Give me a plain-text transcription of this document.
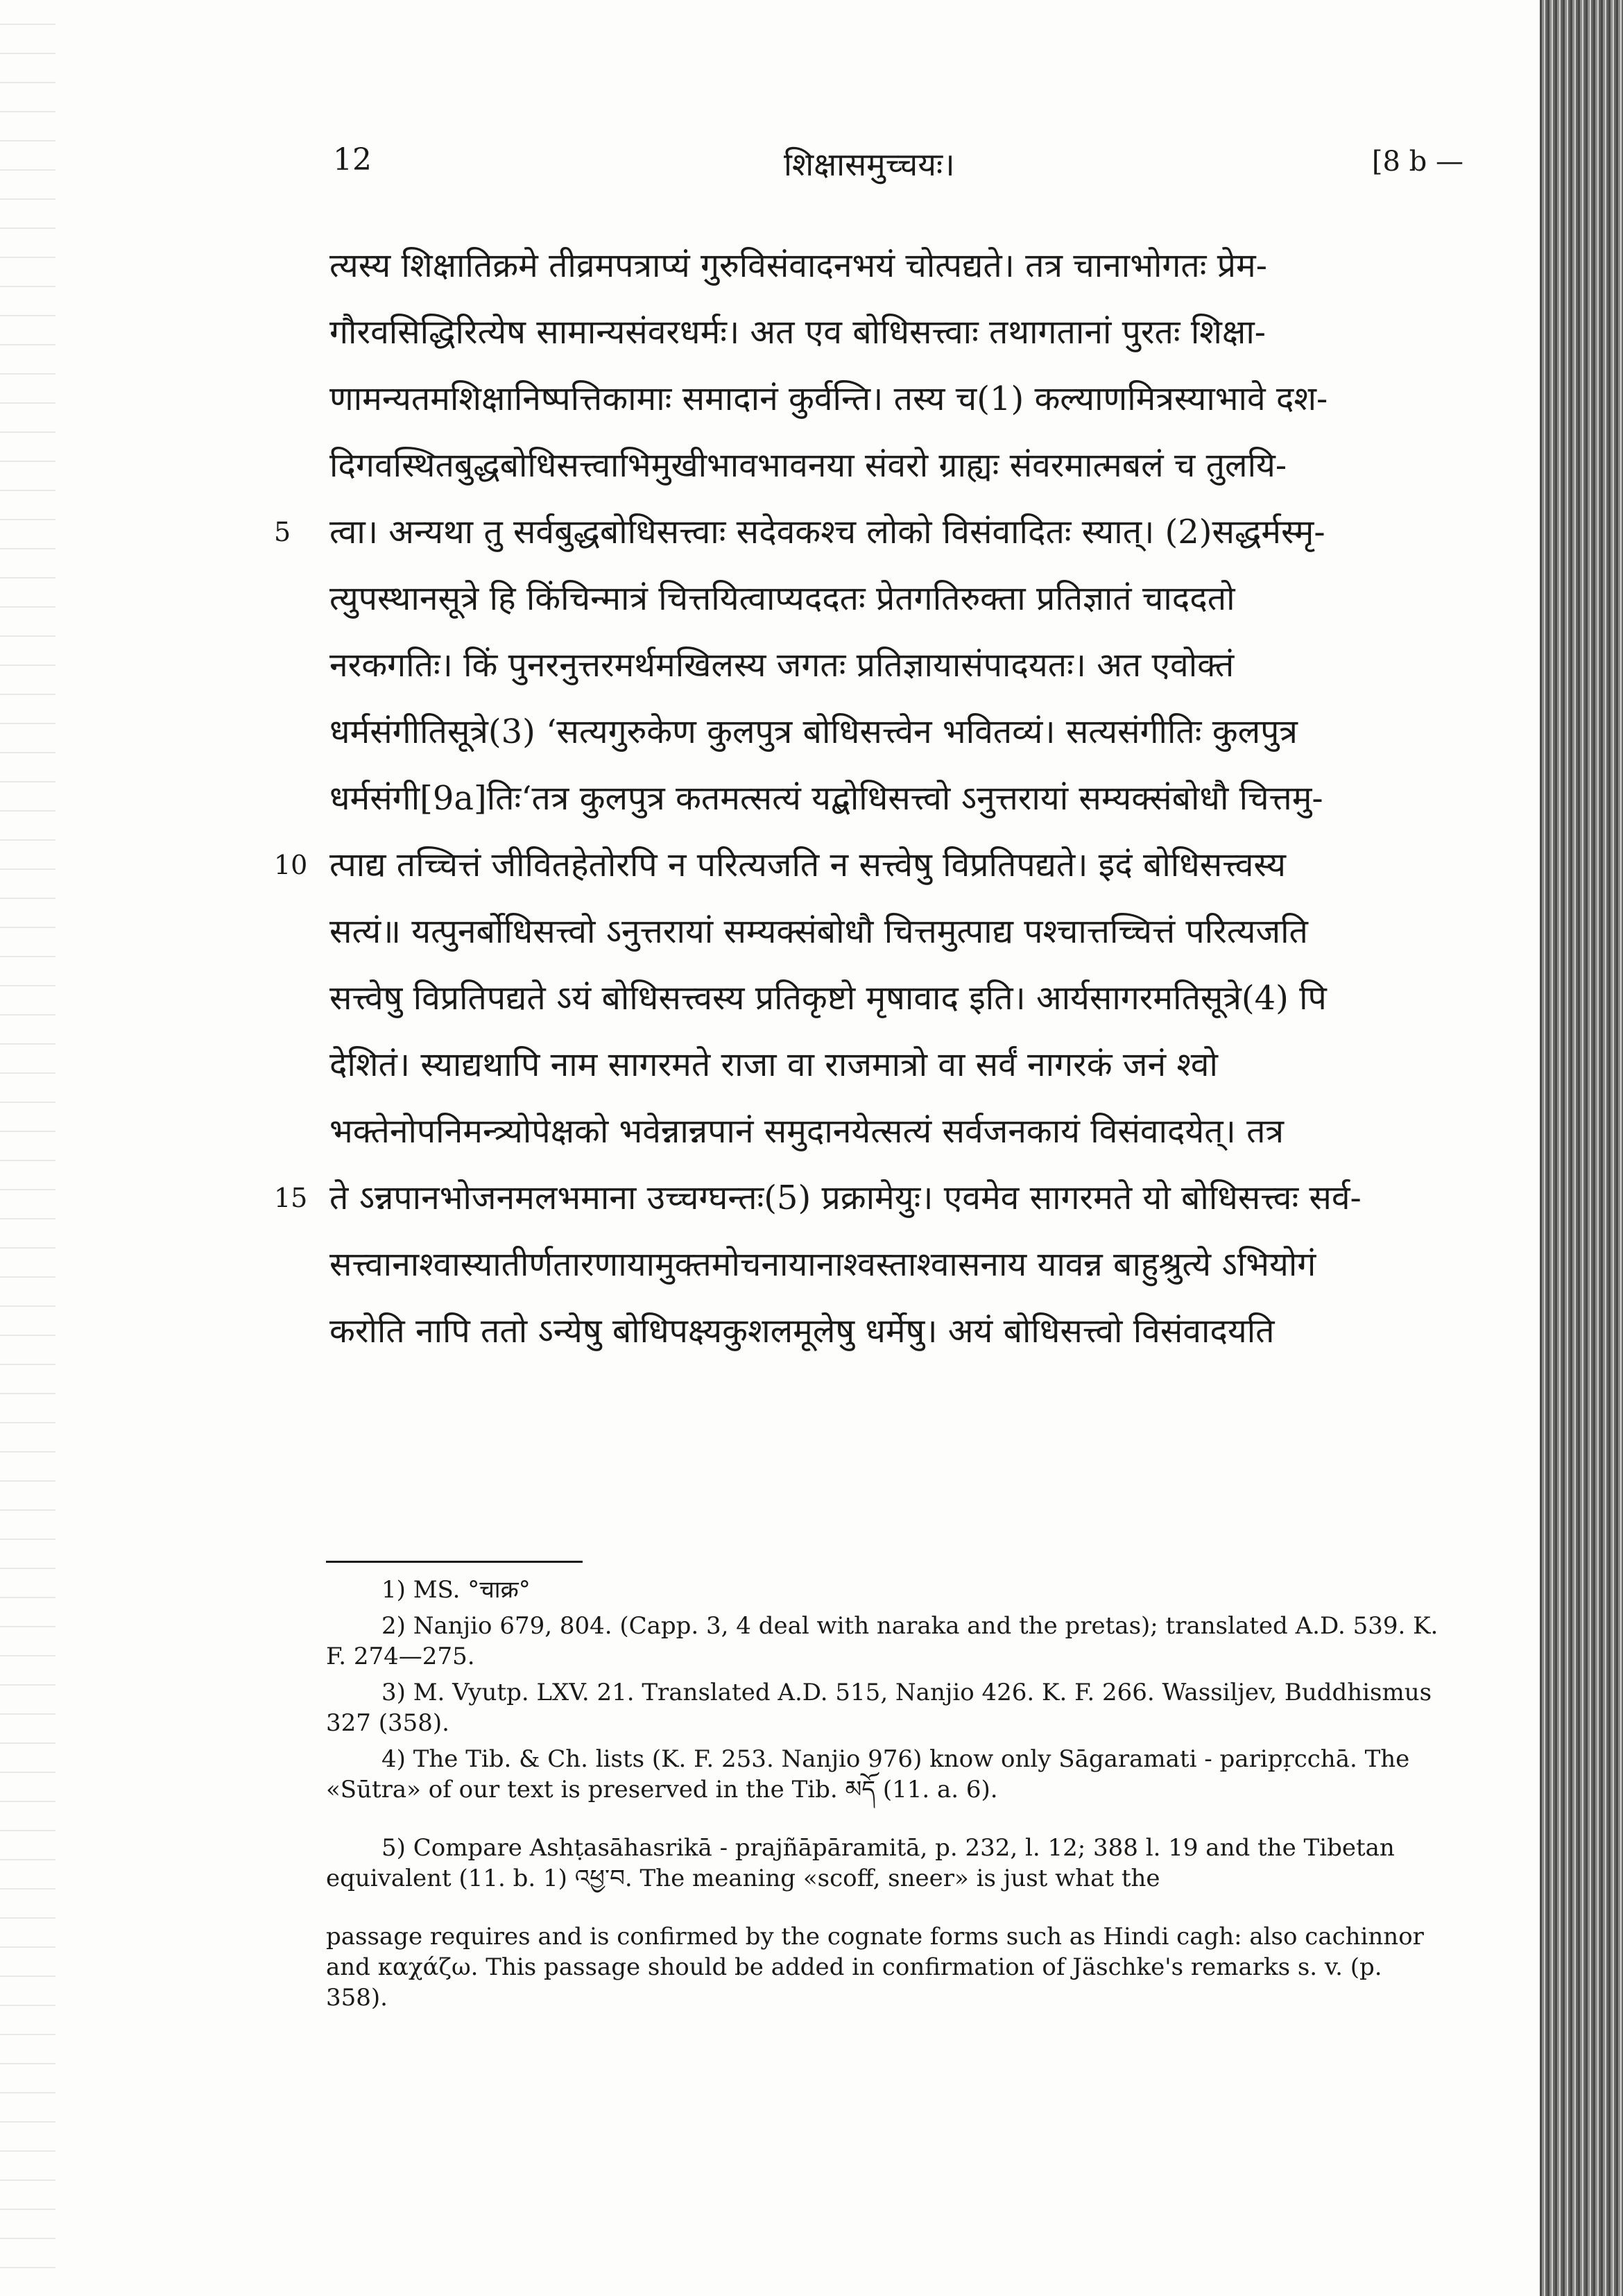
12	शिक्षासमुच्चयः।	[8 b —
त्यस्य शिक्षातिक्रमे तीव्रमपत्राप्यं गुरुविसंवादनभयं चोत्पद्यते। तत्र चानाभोगतः प्रेम-
गौरवसिद्धिरित्येष सामान्यसंवरधर्मः। अत एव बोधिसत्त्वाः तथागतानां पुरतः शिक्षा-
णामन्यतमशिक्षानिष्पत्तिकामाः समादानं कुर्वन्ति। तस्य च(1) कल्याणमित्रस्याभावे दश-
दिगवस्थितबुद्धबोधिसत्त्वाभिमुखीभावभावनया संवरो ग्राह्यः संवरमात्मबलं च तुलयि-
5 त्वा। अन्यथा तु सर्वबुद्धबोधिसत्त्वाः सदेवकश्च लोको विसंवादितः स्यात्। (2)सद्धर्मस्मृ-
त्युपस्थानसूत्रे हि किंचिन्मात्रं चित्तयित्वाप्यददतः प्रेतगतिरुक्ता प्रतिज्ञातं चाददतो
नरकगतिः। किं पुनरनुत्तरमर्थमखिलस्य जगतः प्रतिज्ञायासंपादयतः। अत एवोक्तं
धर्मसंगीतिसूत्रे(3) ‘सत्यगुरुकेण कुलपुत्र बोधिसत्त्वेन भवितव्यं। सत्यसंगीतिः कुलपुत्र
धर्मसंगी[9a]तिः‘तत्र कुलपुत्र कतमत्सत्यं यद्बोधिसत्त्वो ऽनुत्तरायां सम्यक्संबोधौ चित्तमु-
10 त्पाद्य तच्चित्तं जीवितहेतोरपि न परित्यजति न सत्त्वेषु विप्रतिपद्यते। इदं बोधिसत्त्वस्य
सत्यं॥ यत्पुनर्बोधिसत्त्वो ऽनुत्तरायां सम्यक्संबोधौ चित्तमुत्पाद्य पश्चात्तच्चित्तं परित्यजति
सत्त्वेषु विप्रतिपद्यते ऽयं बोधिसत्त्वस्य प्रतिकृष्टो मृषावाद इति। आर्यसागरमतिसूत्रे(4) पि
देशितं। स्याद्यथापि नाम सागरमते राजा वा राजमात्रो वा सर्वं नागरकं जनं श्वो
भक्तेनोपनिमन्त्र्योपेक्षको भवेन्नान्नपानं समुदानयेत्सत्यं सर्वजनकायं विसंवादयेत्। तत्र
15 ते ऽन्नपानभोजनमलभमाना उच्चग्घन्तः(5) प्रक्रामेयुः। एवमेव सागरमते यो बोधिसत्त्वः सर्व-
सत्त्वानाश्वास्यातीर्णतारणायामुक्तमोचनायानाश्वस्ताश्वासनाय यावन्न बाहुश्रुत्ये ऽभियोगं
करोति नापि ततो ऽन्येषु बोधिपक्ष्यकुशलमूलेषु धर्मेषु। अयं बोधिसत्त्वो विसंवादयति

1) MS. °चाक्र°

2) Nanjio 679, 804. (Capp. 3, 4 deal with naraka and the pretas); translated A.D. 539. K. F. 274—275.

3) M. Vyutp. LXV. 21. Translated A.D. 515, Nanjio 426. K. F. 266. Wassiljev, Buddhismus 327 (358).

4) The Tib. & Ch. lists (K. F. 253. Nanjio 976) know only Sāgaramati - paripṛcchā. The «Sūtra» of our text is preserved in the Tib. མདོ (11. a. 6).

5) Compare Ashṭasāhasrikā - prajñāpāramitā, p. 232, l. 12; 388 l. 19 and the Tibetan equivalent (11. b. 1) འཕྱ་བ. The meaning «scoff, sneer» is just what the

passage requires and is confirmed by the cognate forms such as Hindi cagh: also cachinnor and καχάζω. This passage should be added in confirmation of Jäschke's remarks s. v. (p. 358).
